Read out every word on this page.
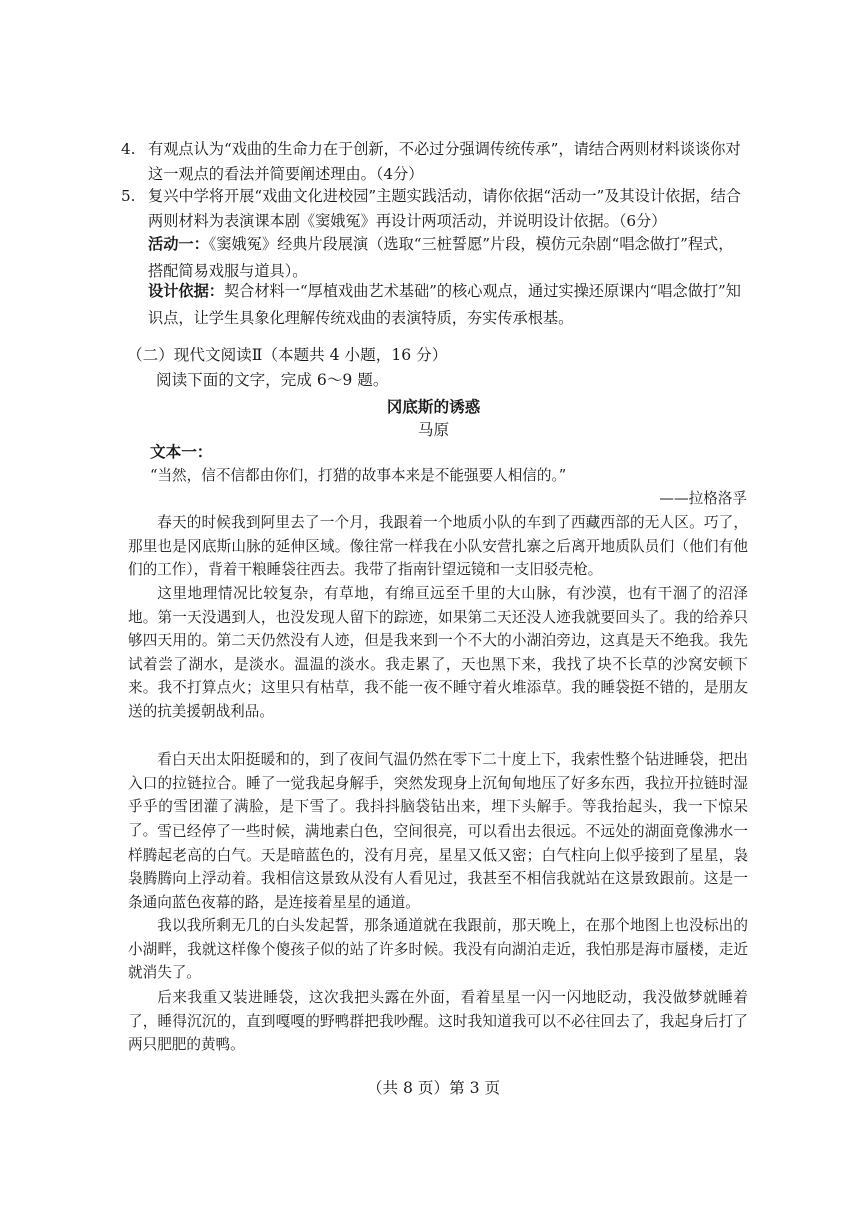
4. 有观点认为“戏曲的生命力在于创新，不必过分强调传统传承”，请结合两则材料谈谈你对这一观点的看法并简要阐述理由。（4分）
5. 复兴中学将开展“戏曲文化进校园”主题实践活动，请你依据“活动一”及其设计依据，结合两则材料为表演课本剧《窦娥冤》再设计两项活动，并说明设计依据。（6分）
活动一：《窦娥冤》经典片段展演（选取“三桩誓愿”片段，模仿元杂剧“唱念做打”程式，搭配简易戏服与道具）。
设计依据：契合材料一“厚植戏曲艺术基础”的核心观点，通过实操还原课内“唱念做打”知识点，让学生具象化理解传统戏曲的表演特质，夯实传承根基。
（二）现代文阅读Ⅱ（本题共 4 小题，16 分）
阅读下面的文字，完成 6～9 题。
冈底斯的诱惑
马原
文本一：
“当然，信不信都由你们，打猎的故事本来是不能强要人相信的。”
——拉格洛孚
春天的时候我到阿里去了一个月，我跟着一个地质小队的车到了西藏西部的无人区。巧了，那里也是冈底斯山脉的延伸区域。像往常一样我在小队安营扎寨之后离开地质队员们（他们有他们的工作），背着干粮睡袋往西去。我带了指南针望远镜和一支旧驳壳枪。
这里地理情况比较复杂，有草地，有绵亘远至千里的大山脉，有沙漠，也有干涸了的沼泽地。第一天没遇到人，也没发现人留下的踪迹，如果第二天还没人迹我就要回头了。我的给养只够四天用的。第二天仍然没有人迹，但是我来到一个不大的小湖泊旁边，这真是天不绝我。我先试着尝了湖水，是淡水。温温的淡水。我走累了，天也黑下来，我找了块不长草的沙窝安顿下来。我不打算点火；这里只有枯草，我不能一夜不睡守着火堆添草。我的睡袋挺不错的，是朋友送的抗美援朝战利品。
看白天出太阳挺暖和的，到了夜间气温仍然在零下二十度上下，我索性整个钻进睡袋，把出入口的拉链拉合。睡了一觉我起身解手，突然发现身上沉甸甸地压了好多东西，我拉开拉链时湿乎乎的雪团灌了满脸，是下雪了。我抖抖脑袋钻出来，埋下头解手。等我抬起头，我一下惊呆了。 雪已经停了一些时候，满地素白色，空间很亮，可以看出去很远。不远处的湖面竟像沸水一样腾起老高的白气。天是暗蓝色的，没有月亮，星星又低又密；白气柱向上似乎接到了星星，袅袅腾腾向上浮动着。我相信这景致从没有人看见过，我甚至不相信我就站在这景致跟前。这是一条通向蓝色夜幕的路，是连接着星星的通道。
我以我所剩无几的白头发起誓，那条通道就在我跟前，那天晚上，在那个地图上也没标出的小湖畔，我就这样像个傻孩子似的站了许多时候。我没有向湖泊走近，我怕那是海市蜃楼，走近就消失了。
后来我重又装进睡袋，这次我把头露在外面，看着星星一闪一闪地眨动，我没做梦就睡着了，睡得沉沉的，直到嘎嘎的野鸭群把我吵醒。这时我知道我可以不必往回去了，我起身后打了两只肥肥的黄鸭。
（共 8 页）第 3 页
